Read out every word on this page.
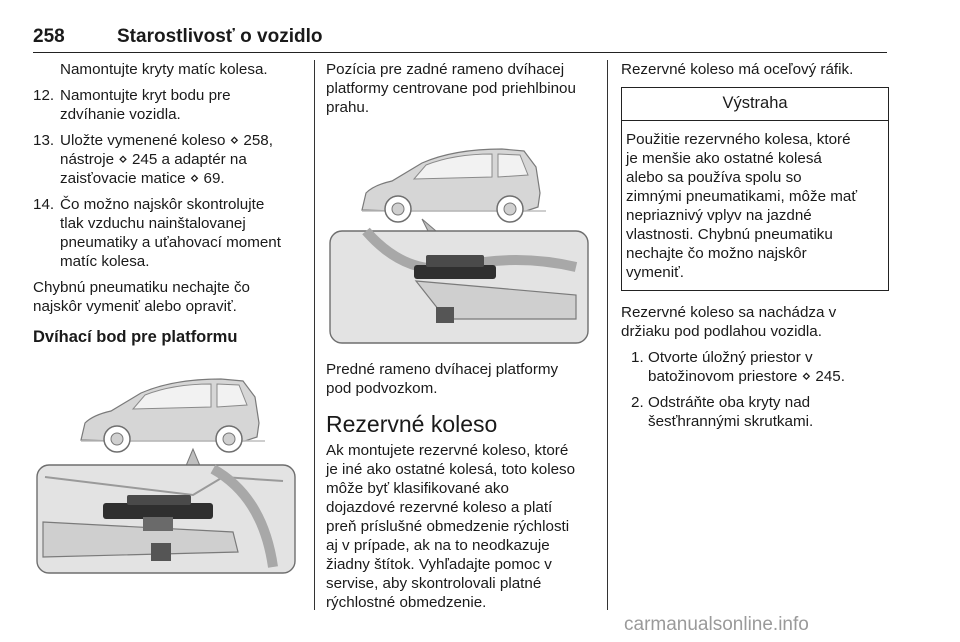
258	Starostlivosť o vozidlo

Namontujte kryty matíc kolesa.

12. Namontujte kryt bodu pre
zdvíhanie vozidla.
13. Uložte vymenené koleso ⋄ 258,
nástroje ⋄ 245 a adaptér na
zaisťovacie matice ⋄ 69.
14. Čo možno najskôr skontrolujte
tlak vzduchu nainštalovanej
pneumatiky a uťahovací moment
matíc kolesa.
Chybnú pneumatiku nechajte čo
najskôr vymeniť alebo opraviť.
Dvíhací bod pre platformu
Pozícia pre zadné rameno dvíhacej
platformy centrovane pod priehlbinou
prahu.
Predné rameno dvíhacej platformy
pod podvozkom.
Rezervné koleso
Ak montujete rezervné koleso, ktoré
je iné ako ostatné kolesá, toto koleso
môže byť klasifikované ako
dojazdové rezervné koleso a platí
preň príslušné obmedzenie rýchlosti
aj v prípade, ak na to neodkazuje
žiadny štítok. Vyhľadajte pomoc v
servise, aby skontrolovali platné
rýchlostné obmedzenie.

Rezervné koleso má oceľový ráfik.

Výstraha
Použitie rezervného kolesa, ktoré
je menšie ako ostatné kolesá
alebo sa používa spolu so
zimnými pneumatikami, môže mať
nepriaznivý vplyv na jazdné
vlastnosti. Chybnú pneumatiku
nechajte čo možno najskôr
vymeniť.
Rezervné koleso sa nachádza v
držiaku pod podlahou vozidla.
1. Otvorte úložný priestor v
batožinovom priestore ⋄ 245.
2. Odstráňte oba kryty nad
šesťhrannými skrutkami.
carmanualsonline.info
